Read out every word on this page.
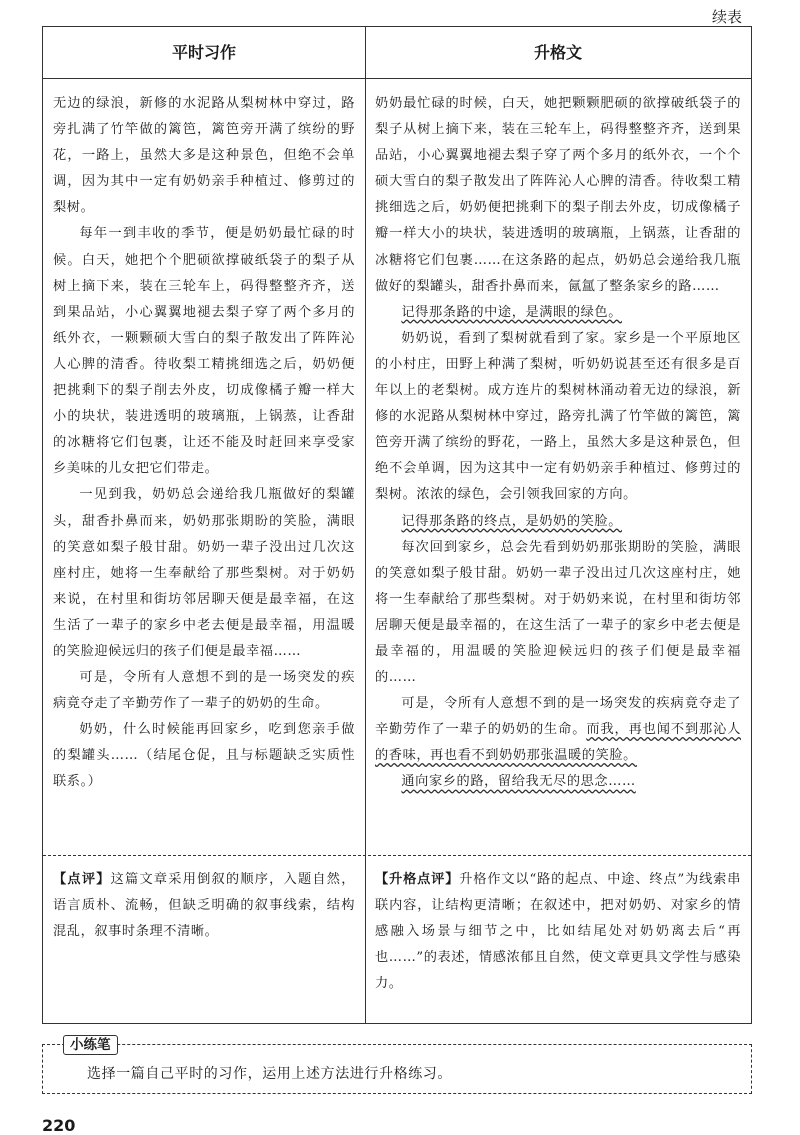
续表
平时习作	升格文

无边的绿浪，新修的水泥路从梨树林中穿过，路旁扎满了竹竿做的篱笆，篱笆旁开满了缤纷的野花，一路上，虽然大多是这种景色，但绝不会单调，因为其中一定有奶奶亲手种植过、修剪过的梨树。

每年一到丰收的季节，便是奶奶最忙碌的时候。白天，她把个个肥硕欲撑破纸袋子的梨子从树上摘下来，装在三轮车上，码得整整齐齐，送到果品站，小心翼翼地褪去梨子穿了两个多月的纸外衣，一颗颗硕大雪白的梨子散发出了阵阵沁人心脾的清香。待收梨工精挑细选之后，奶奶便把挑剩下的梨子削去外皮，切成像橘子瓣一样大小的块状，装进透明的玻璃瓶，上锅蒸，让香甜的冰糖将它们包裹，让还不能及时赶回来享受家乡美味的儿女把它们带走。

一见到我，奶奶总会递给我几瓶做好的梨罐头，甜香扑鼻而来，奶奶那张期盼的笑脸，满眼的笑意如梨子般甘甜。奶奶一辈子没出过几次这座村庄，她将一生奉献给了那些梨树。对于奶奶来说，在村里和街坊邻居聊天便是最幸福，在这生活了一辈子的家乡中老去便是最幸福，用温暖的笑脸迎候远归的孩子们便是最幸福……

可是，令所有人意想不到的是一场突发的疾病竟夺走了辛勤劳作了一辈子的奶奶的生命。

奶奶，什么时候能再回家乡，吃到您亲手做的梨罐头……（结尾仓促，且与标题缺乏实质性联系。）

奶奶最忙碌的时候，白天，她把颗颗肥硕的欲撑破纸袋子的梨子从树上摘下来，装在三轮车上，码得整整齐齐，送到果品站，小心翼翼地褪去梨子穿了两个多月的纸外衣，一个个硕大雪白的梨子散发出了阵阵沁人心脾的清香。待收梨工精挑细选之后，奶奶便把挑剩下的梨子削去外皮，切成像橘子瓣一样大小的块状，装进透明的玻璃瓶，上锅蒸，让香甜的冰糖将它们包裹……在这条路的起点，奶奶总会递给我几瓶做好的梨罐头，甜香扑鼻而来，氤氲了整条家乡的路……

记得那条路的中途，是满眼的绿色。

奶奶说，看到了梨树就看到了家。家乡是一个平原地区的小村庄，田野上种满了梨树，听奶奶说甚至还有很多是百年以上的老梨树。成方连片的梨树林涌动着无边的绿浪，新修的水泥路从梨树林中穿过，路旁扎满了竹竿做的篱笆，篱笆旁开满了缤纷的野花，一路上，虽然大多是这种景色，但绝不会单调，因为这其中一定有奶奶亲手种植过、修剪过的梨树。浓浓的绿色，会引领我回家的方向。

记得那条路的终点，是奶奶的笑脸。

每次回到家乡，总会先看到奶奶那张期盼的笑脸，满眼的笑意如梨子般甘甜。奶奶一辈子没出过几次这座村庄，她将一生奉献给了那些梨树。对于奶奶来说，在村里和街坊邻居聊天便是最幸福的，在这生活了一辈子的家乡中老去便是最幸福的，用温暖的笑脸迎候远归的孩子们便是最幸福的……

可是，令所有人意想不到的是一场突发的疾病竟夺走了辛勤劳作了一辈子的奶奶的生命。而我，再也闻不到那沁人的香味，再也看不到奶奶那张温暖的笑脸。

通向家乡的路，留给我无尽的思念……

【点评】这篇文章采用倒叙的顺序，入题自然，语言质朴、流畅，但缺乏明确的叙事线索，结构混乱，叙事时条理不清晰。
【升格点评】升格作文以“路的起点、中途、终点”为线索串联内容，让结构更清晰；在叙述中，把对奶奶、对家乡的情感融入场景与细节之中，比如结尾处对奶奶离去后“再也……”的表述，情感浓郁且自然，使文章更具文学性与感染力。
小练笔
选择一篇自己平时的习作，运用上述方法进行升格练习。
220
